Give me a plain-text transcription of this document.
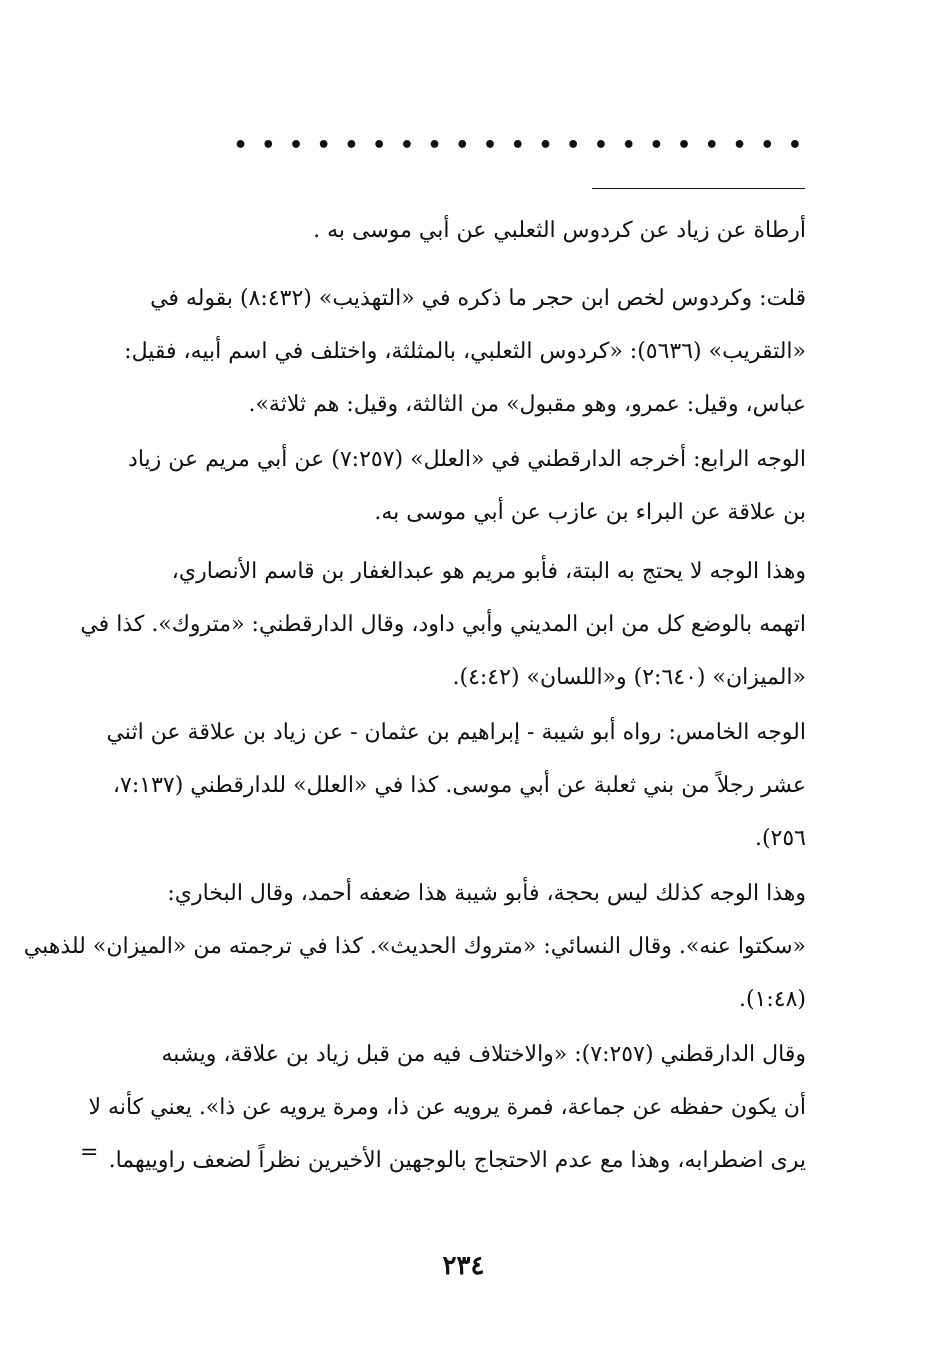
• • • • • • • • • • • • • • • • • • • • •
أرطاة عن زياد عن كردوس الثعلبي عن أبي موسى به .
قلت: وكردوس لخص ابن حجر ما ذكره في «التهذيب» (٨:٤٣٢) بقوله في
«التقريب» (٥٦٣٦): «كردوس الثعلبي، بالمثلثة، واختلف في اسم أبيه، فقيل:
عباس، وقيل: عمرو، وهو مقبول» من الثالثة، وقيل: هم ثلاثة».
الوجه الرابع: أخرجه الدارقطني في «العلل» (٧:٢٥٧) عن أبي مريم عن زياد
بن علاقة عن البراء بن عازب عن أبي موسى به.
وهذا الوجه لا يحتج به البتة، فأبو مريم هو عبدالغفار بن قاسم الأنصاري،
اتهمه بالوضع كل من ابن المديني وأبي داود، وقال الدارقطني: «متروك». كذا في
«الميزان» (٢:٦٤٠) و«اللسان» (٤:٤٢).
الوجه الخامس: رواه أبو شيبة - إبراهيم بن عثمان - عن زياد بن علاقة عن اثني
عشر رجلاً من بني ثعلبة عن أبي موسى. كذا في «العلل» للدارقطني (٧:١٣٧،
٢٥٦).
وهذا الوجه كذلك ليس بحجة، فأبو شيبة هذا ضعفه أحمد، وقال البخاري:
«سكتوا عنه». وقال النسائي: «متروك الحديث». كذا في ترجمته من «الميزان» للذهبي
(١:٤٨).
وقال الدارقطني (٧:٢٥٧): «والاختلاف فيه من قبل زياد بن علاقة، ويشبه
أن يكون حفظه عن جماعة، فمرة يرويه عن ذا، ومرة يرويه عن ذا». يعني كأنه لا
يرى اضطرابه، وهذا مع عدم الاحتجاج بالوجهين الأخيرين نظراً لضعف راوييهما.
=
٢٣٤
